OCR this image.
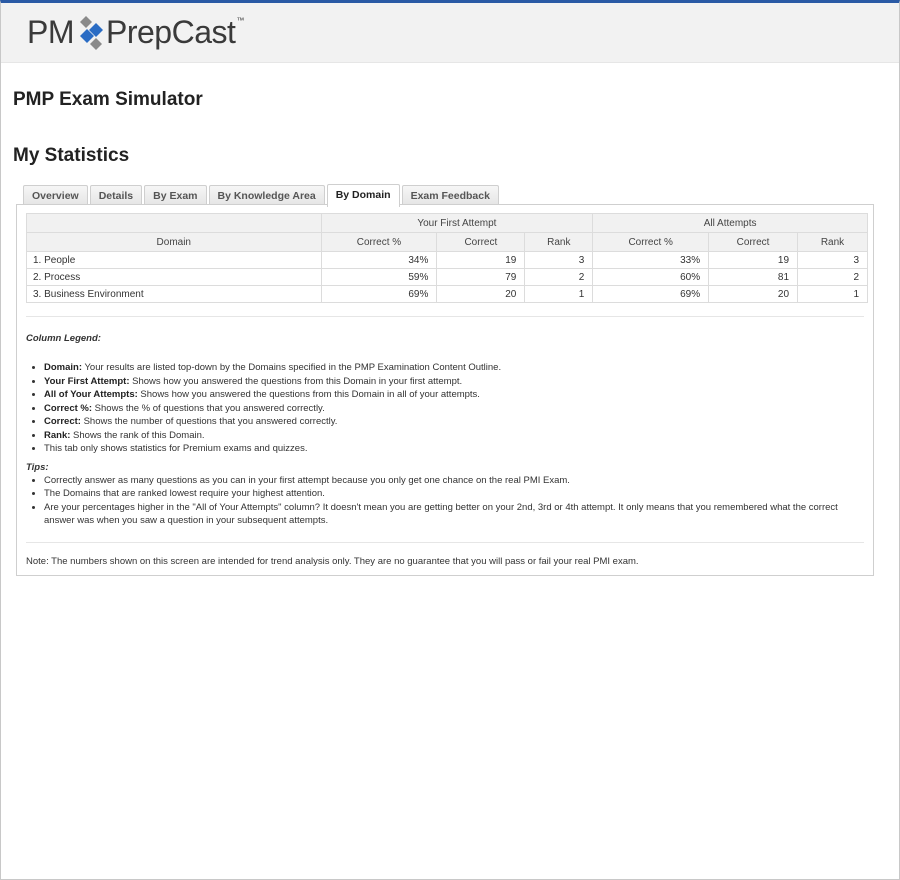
PM PrepCast ™
PMP Exam Simulator
My Statistics
Overview	Details	By Exam	By Knowledge Area	By Domain	Exam Feedback
	Your First Attempt			All Attempts		
Domain	Correct %	Correct	Rank	Correct %	Correct	Rank
1. People	34%	19	3	33%	19	3
2. Process	59%	79	2	60%	81	2
3. Business Environment	69%	20	1	69%	20	1

Column Legend:

• Domain: Your results are listed top-down by the Domains specified in the PMP Examination Content Outline.
• Your First Attempt: Shows how you answered the questions from this Domain in your first attempt.
• All of Your Attempts: Shows how you answered the questions from this Domain in all of your attempts.
• Correct %: Shows the % of questions that you answered correctly.
• Correct: Shows the number of questions that you answered correctly.
• Rank: Shows the rank of this Domain.
• This tab only shows statistics for Premium exams and quizzes.

Tips:

• Correctly answer as many questions as you can in your first attempt because you only get one chance on the real PMI Exam.
• The Domains that are ranked lowest require your highest attention.
• Are your percentages higher in the "All of Your Attempts" column? It doesn't mean you are getting better on your 2nd, 3rd or 4th attempt. It only means that you remembered what the correct answer was when you saw a question in your subsequent attempts.
Note: The numbers shown on this screen are intended for trend analysis only. They are no guarantee that you will pass or fail your real PMI exam.
